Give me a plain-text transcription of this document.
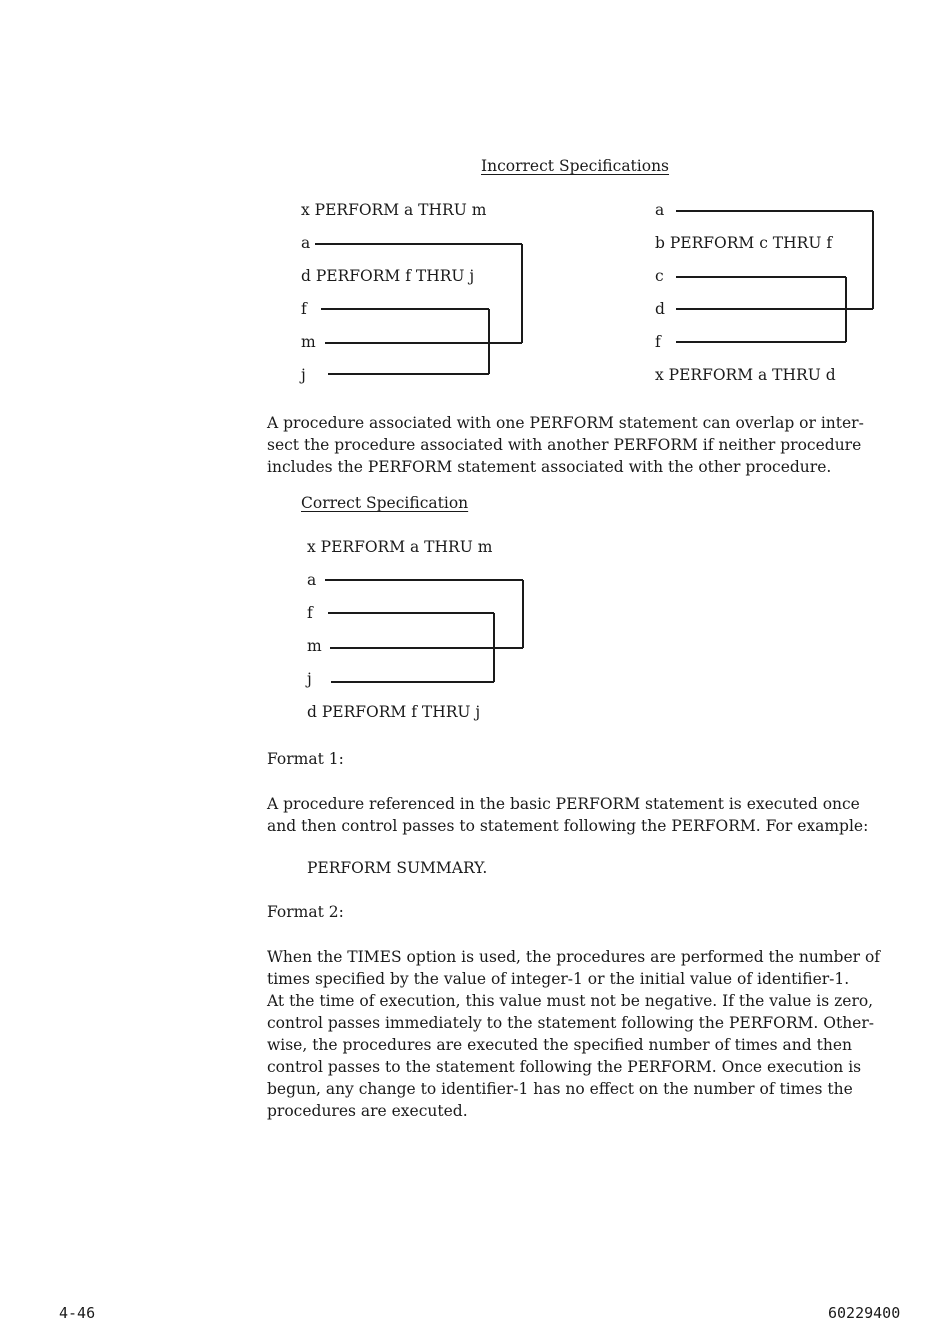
Incorrect Specifications
x PERFORM a THRU m
a
d PERFORM f THRU j
f
m
j
a
b PERFORM c THRU f
c
d
f
x PERFORM a THRU d
A procedure associated with one PERFORM statement can overlap or inter-
sect the procedure associated with another PERFORM if neither procedure
includes the PERFORM statement associated with the other procedure.
Correct Specification
x PERFORM a THRU m
a
f
m
j
d PERFORM f THRU j
Format 1:
A procedure referenced in the basic PERFORM statement is executed once
and then control passes to statement following the PERFORM. For example:
PERFORM SUMMARY.
Format 2:
When the TIMES option is used, the procedures are performed the number of
times specified by the value of integer-1 or the initial value of identifier-1.
At the time of execution, this value must not be negative. If the value is zero,
control passes immediately to the statement following the PERFORM. Other-
wise, the procedures are executed the specified number of times and then
control passes to the statement following the PERFORM. Once execution is
begun, any change to identifier-1 has no effect on the number of times the
procedures are executed.
4-46	60229400
